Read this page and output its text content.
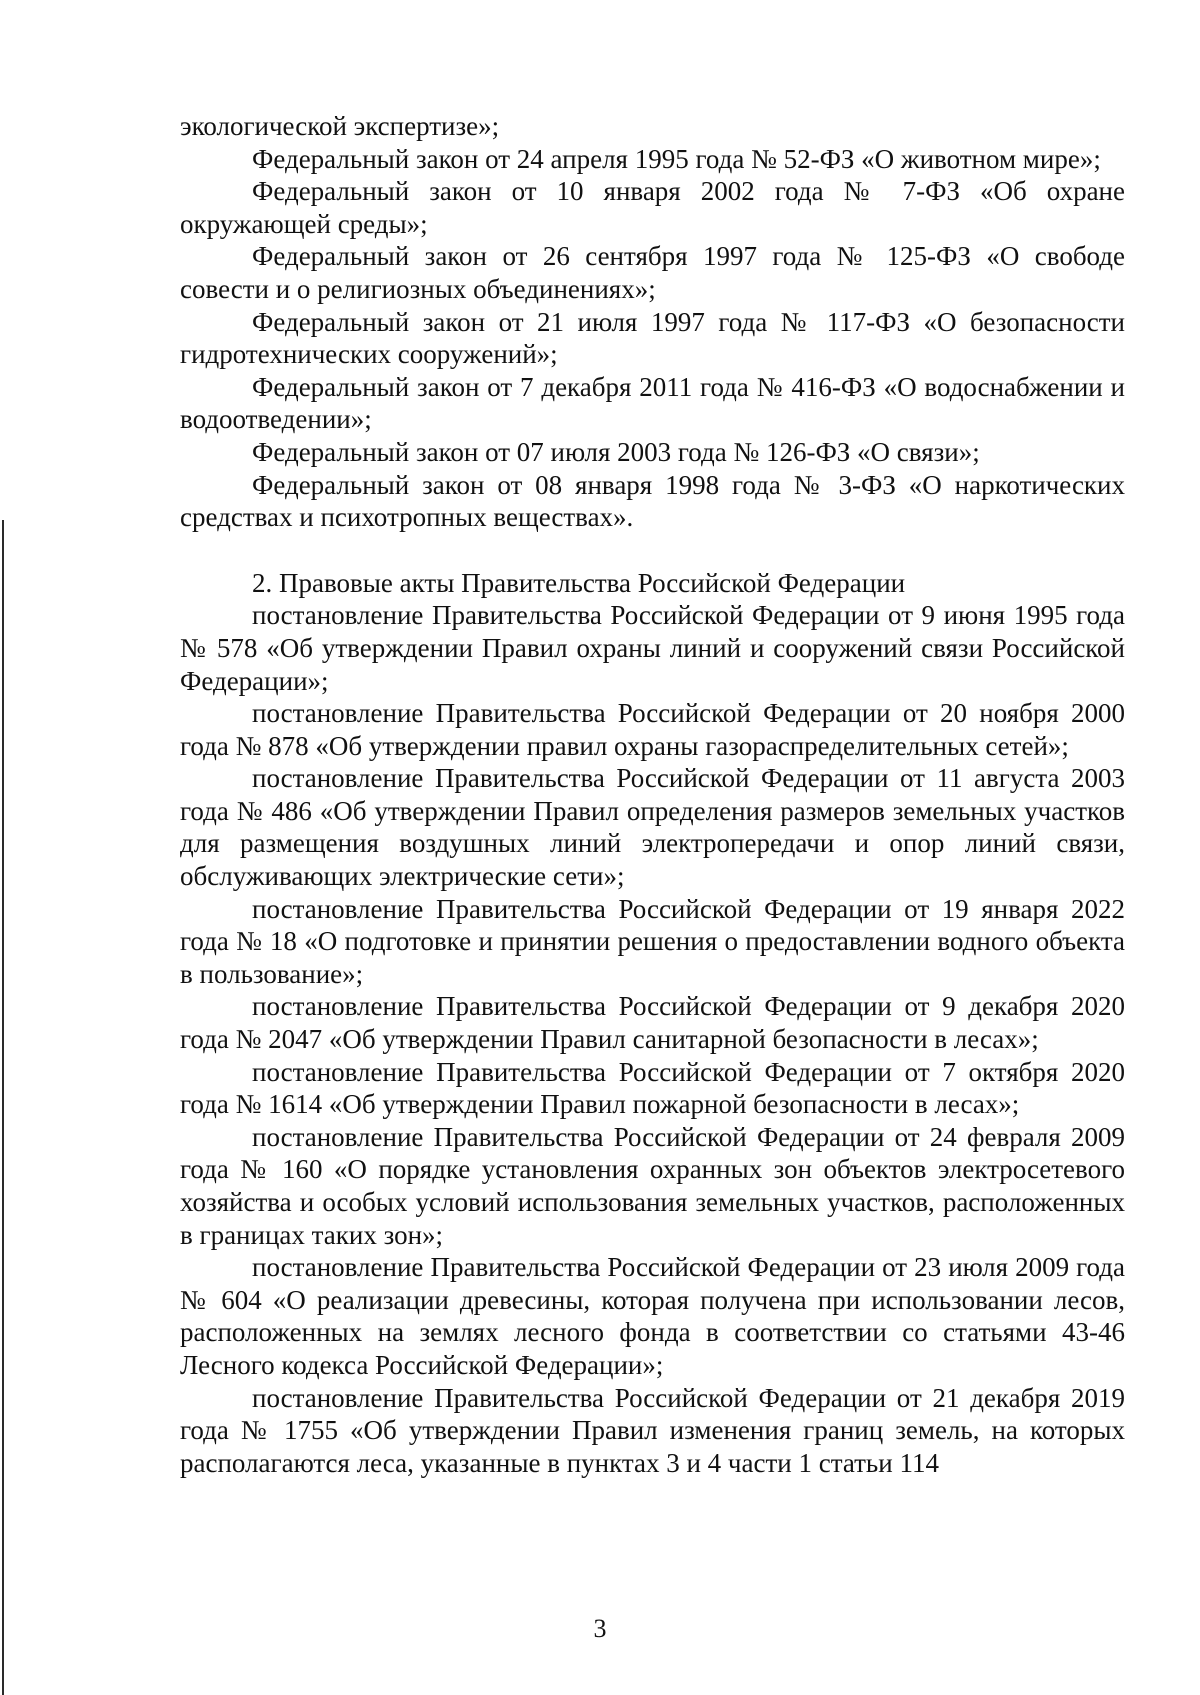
экологической экспертизе»;

Федеральный закон от 24 апреля 1995 года № 52-ФЗ «О животном мире»;

Федеральный закон от 10 января 2002 года № 7-ФЗ «Об охране окружающей среды»;

Федеральный закон от 26 сентября 1997 года № 125-ФЗ «О свободе совести и о религиозных объединениях»;

Федеральный закон от 21 июля 1997 года № 117-ФЗ «О безопасности гидротехнических сооружений»;

Федеральный закон от 7 декабря 2011 года № 416-ФЗ «О водоснабжении и водоотведении»;

Федеральный закон от 07 июля 2003 года № 126-ФЗ «О связи»;

Федеральный закон от 08 января 1998 года № 3-ФЗ «О наркотических средствах и психотропных веществах».

2. Правовые акты Правительства Российской Федерации

постановление Правительства Российской Федерации от 9 июня 1995 года № 578 «Об утверждении Правил охраны линий и сооружений связи Российской Федерации»;

постановление Правительства Российской Федерации от 20 ноября 2000 года № 878 «Об утверждении правил охраны газораспределительных сетей»;

постановление Правительства Российской Федерации от 11 августа 2003 года № 486 «Об утверждении Правил определения размеров земельных участков для размещения воздушных линий электропередачи и опор линий связи, обслуживающих электрические сети»;

постановление Правительства Российской Федерации от 19 января 2022 года № 18 «О подготовке и принятии решения о предоставлении водного объекта в пользование»;

постановление Правительства Российской Федерации от 9 декабря 2020 года № 2047 «Об утверждении Правил санитарной безопасности в лесах»;

постановление Правительства Российской Федерации от 7 октября 2020 года № 1614 «Об утверждении Правил пожарной безопасности в лесах»;

постановление Правительства Российской Федерации от 24 февраля 2009 года № 160 «О порядке установления охранных зон объектов электросетевого хозяйства и особых условий использования земельных участков, расположенных в границах таких зон»;

постановление Правительства Российской Федерации от 23 июля 2009 года № 604 «О реализации древесины, которая получена при использовании лесов, расположенных на землях лесного фонда в соответствии со статьями 43-46 Лесного кодекса Российской Федерации»;

постановление Правительства Российской Федерации от 21 декабря 2019 года № 1755 «Об утверждении Правил изменения границ земель, на которых располагаются леса, указанные в пунктах 3 и 4 части 1 статьи 114

3
